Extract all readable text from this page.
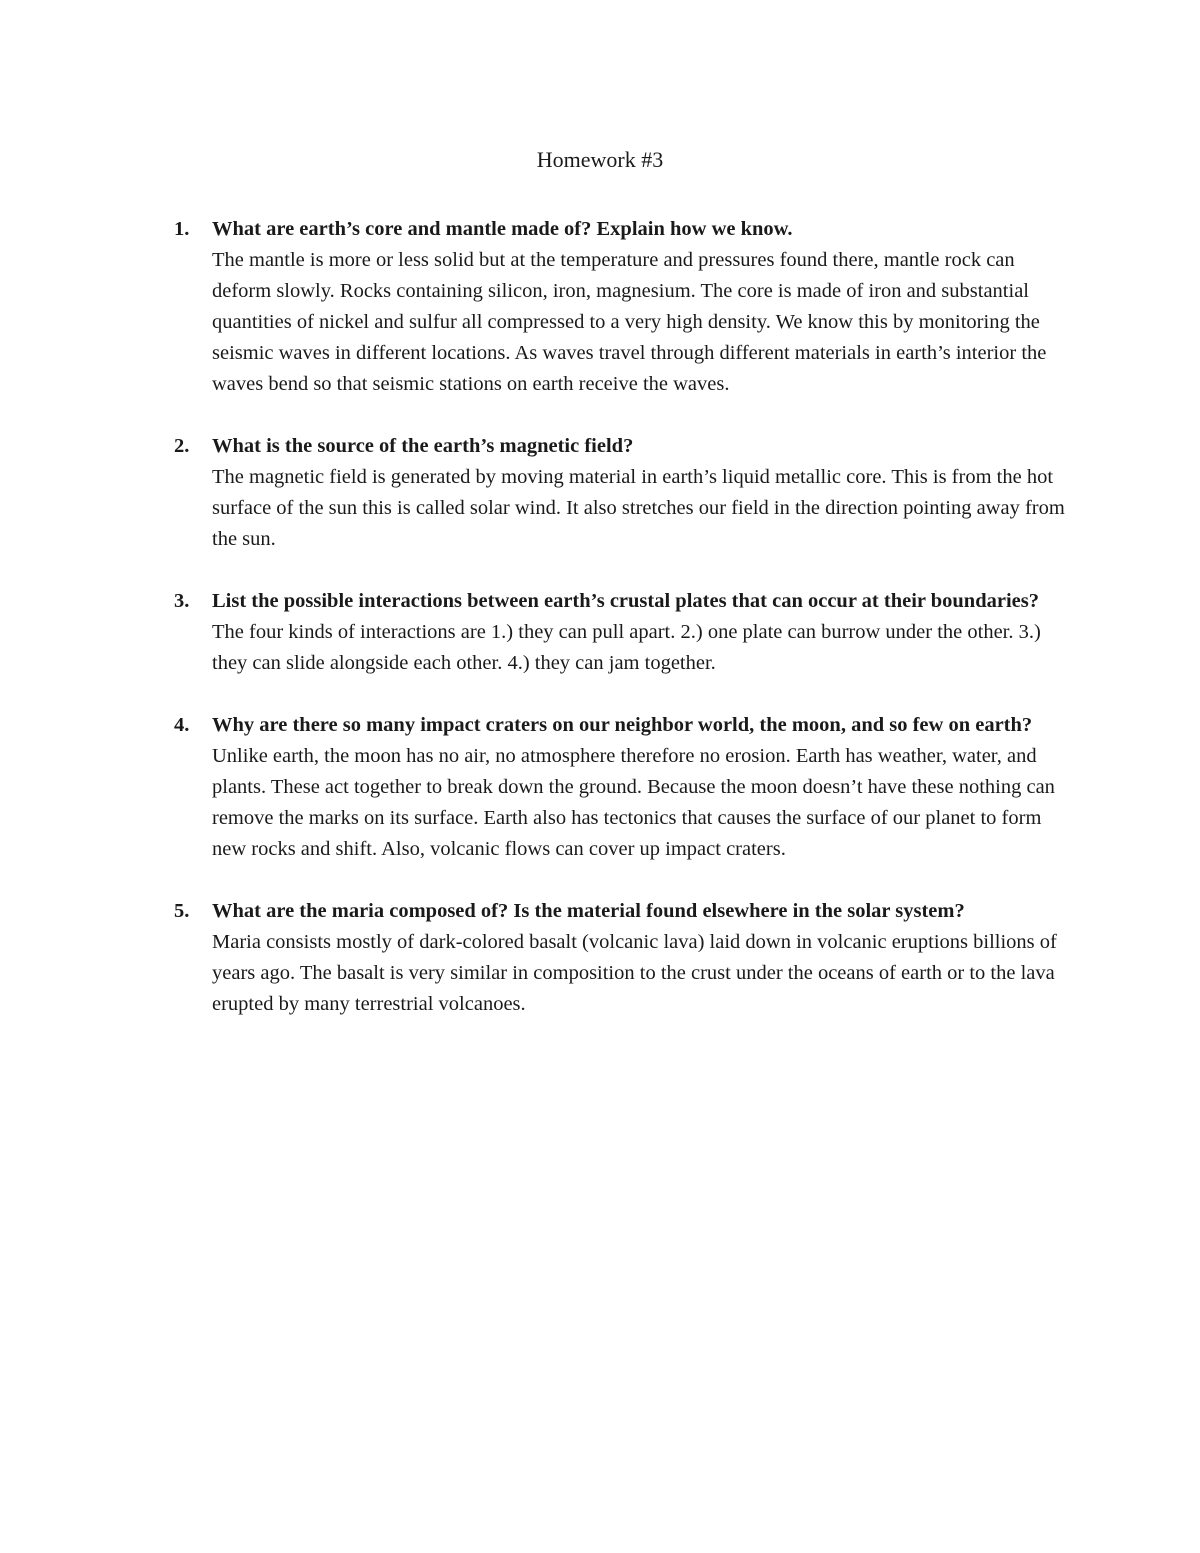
Homework #3
1. What are earth’s core and mantle made of? Explain how we know.
The mantle is more or less solid but at the temperature and pressures found there, mantle rock can deform slowly. Rocks containing silicon, iron, magnesium. The core is made of iron and substantial quantities of nickel and sulfur all compressed to a very high density. We know this by monitoring the seismic waves in different locations. As waves travel through different materials in earth’s interior the waves bend so that seismic stations on earth receive the waves.
2. What is the source of the earth’s magnetic field?
The magnetic field is generated by moving material in earth’s liquid metallic core. This is from the hot surface of the sun this is called solar wind. It also stretches our field in the direction pointing away from the sun.
3. List the possible interactions between earth’s crustal plates that can occur at their boundaries?
The four kinds of interactions are 1.) they can pull apart. 2.) one plate can burrow under the other. 3.) they can slide alongside each other. 4.) they can jam together.
4. Why are there so many impact craters on our neighbor world, the moon, and so few on earth?
Unlike earth, the moon has no air, no atmosphere therefore no erosion. Earth has weather, water, and plants. These act together to break down the ground. Because the moon doesn’t have these nothing can remove the marks on its surface. Earth also has tectonics that causes the surface of our planet to form new rocks and shift. Also, volcanic flows can cover up impact craters.
5. What are the maria composed of? Is the material found elsewhere in the solar system?
Maria consists mostly of dark-colored basalt (volcanic lava) laid down in volcanic eruptions billions of years ago. The basalt is very similar in composition to the crust under the oceans of earth or to the lava erupted by many terrestrial volcanoes.
